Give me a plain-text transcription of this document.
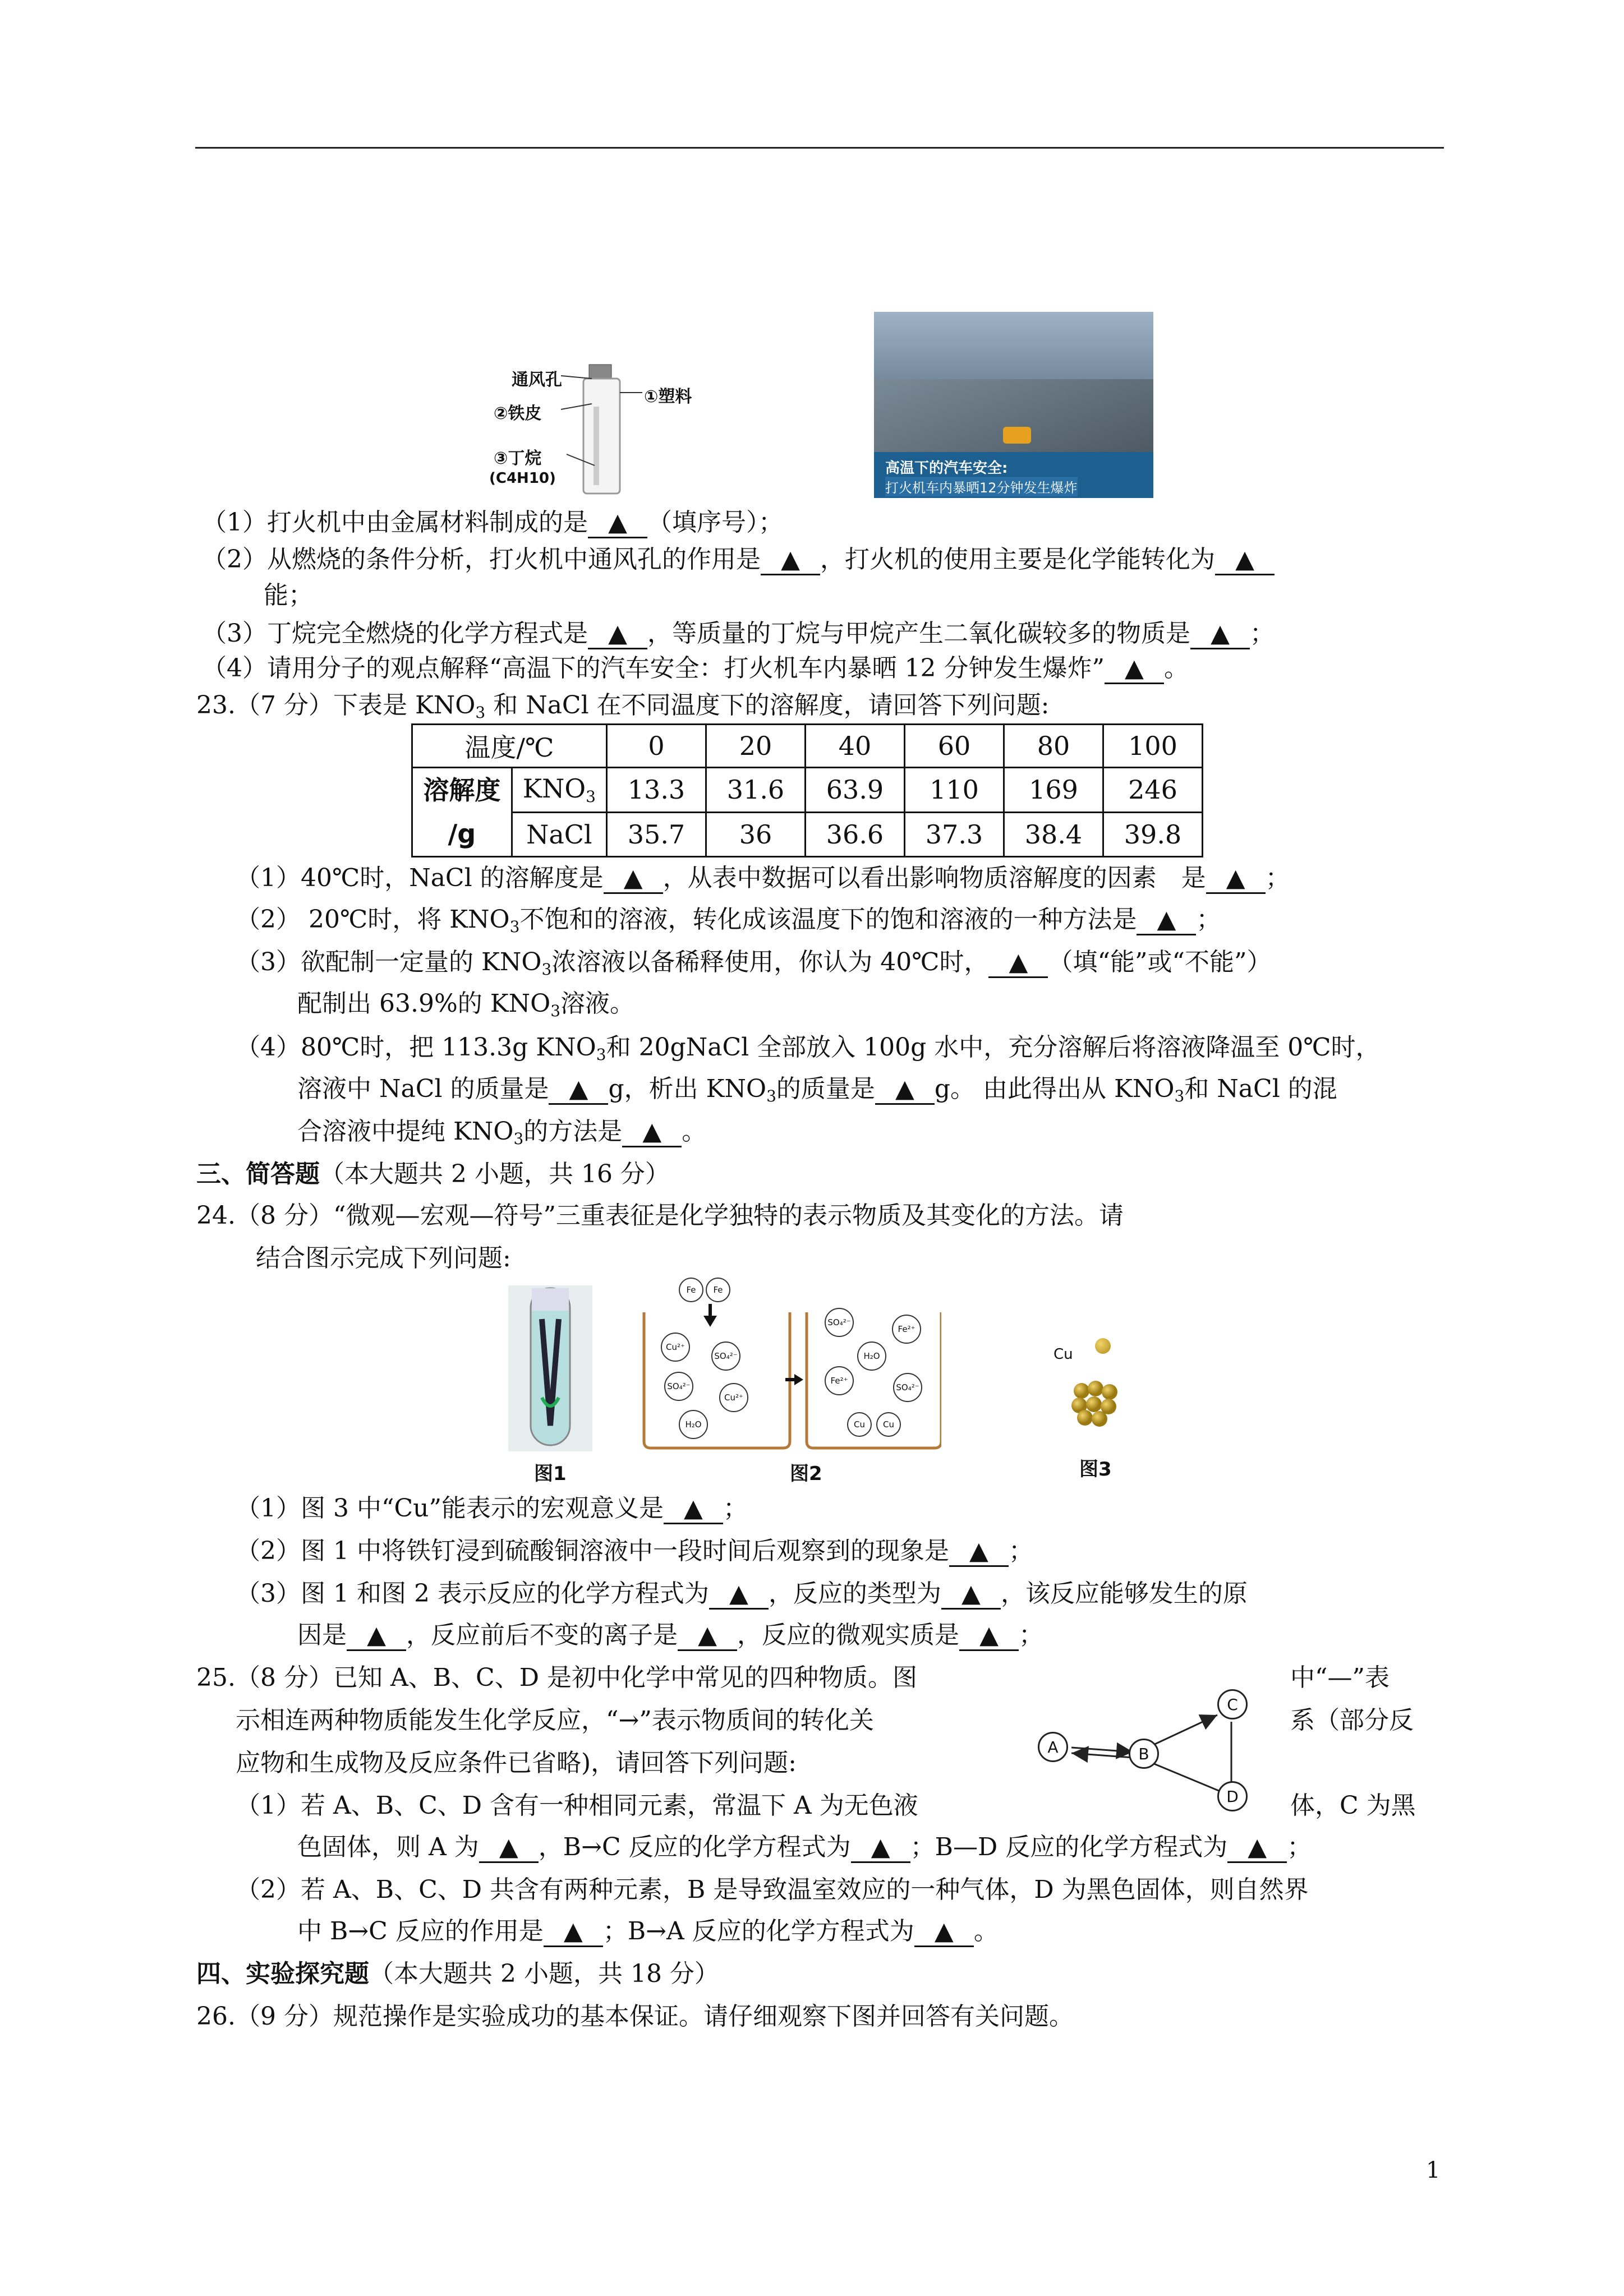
通风孔
②铁皮
③丁烷
(C4H10)
①塑料
高温下的汽车安全:
打火机车内暴晒12分钟发生爆炸
（1）打火机中由金属材料制成的是 ▲ （填序号）；
（2）从燃烧的条件分析，打火机中通风孔的作用是 ▲ ，打火机的使用主要是化学能转化为 ▲
能；
（3）丁烷完全燃烧的化学方程式是 ▲ ，等质量的丁烷与甲烷产生二氧化碳较多的物质是 ▲ ；
（4）请用分子的观点解释“高温下的汽车安全：打火机车内暴晒 12 分钟发生爆炸” ▲ 。
23.（7 分）下表是 $KNO_3$ 和 NaCl 在不同温度下的溶解度，请回答下列问题:
温度/℃		0	20	40	60	80	100
溶解度
/g	$KNO_3$	13.3	31.6	63.9	110	169	246
	NaCl	35.7	36	36.6	37.3	38.4	39.8
（1）40℃时，NaCl 的溶解度是 ▲ ，从表中数据可以看出影响物质溶解度的因素　是 ▲ ；
（2） 20℃时，将 $KNO_3$不饱和的溶液，转化成该温度下的饱和溶液的一种方法是 ▲ ；
（3）欲配制一定量的 $KNO_3$浓溶液以备稀释使用，你认为 40℃时， ▲ （填“能”或“不能”）
配制出 63.9%的 $KNO_3$溶液。
（4）80℃时，把 113.3g $KNO_3$和 20gNaCl 全部放入 100g 水中，充分溶解后将溶液降温至 0℃时，
溶液中 NaCl 的质量是 ▲ g，析出 $KNO_3$的质量是 ▲ g。 由此得出从 $KNO_3$和 NaCl 的混
合溶液中提纯 $KNO_3$的方法是 ▲ 。
三、简答题（本大题共 2 小题，共 16 分）
24.（8 分）“微观—宏观—符号”三重表征是化学独特的表示物质及其变化的方法。请
结合图示完成下列问题:
图1
Fe	Fe
Cu²⁺
SO₄²⁻
SO₄²⁻
Cu²⁺
H₂O
SO₄²⁻
Fe²⁺
H₂O
Fe²⁺
SO₄²⁻
Cu	Cu
图2
Cu
图3
（1）图 3 中“Cu”能表示的宏观意义是 ▲ ；
（2）图 1 中将铁钉浸到硫酸铜溶液中一段时间后观察到的现象是 ▲ ；
（3）图 1 和图 2 表示反应的化学方程式为 ▲ ，反应的类型为 ▲ ，该反应能够发生的原
因是 ▲ ，反应前后不变的离子是 ▲ ，反应的微观实质是 ▲ ；
25.（8 分）已知 A、B、C、D 是初中化学中常见的四种物质。图	中“—”表
示相连两种物质能发生化学反应，“→”表示物质间的转化关	系（部分反
应物和生成物及反应条件已省略)，请回答下列问题:
A	B
C
D
（1）若 A、B、C、D 含有一种相同元素，常温下 A 为无色液	体，C 为黑
色固体，则 A 为 ▲ ，B→C 反应的化学方程式为 ▲ ；B—D 反应的化学方程式为 ▲ ；
（2）若 A、B、C、D 共含有两种元素，B 是导致温室效应的一种气体，D 为黑色固体，则自然界
中 B→C 反应的作用是 ▲ ；B→A 反应的化学方程式为 ▲ 。
四、实验探究题（本大题共 2 小题，共 18 分）
26.（9 分）规范操作是实验成功的基本保证。请仔细观察下图并回答有关问题。
1
